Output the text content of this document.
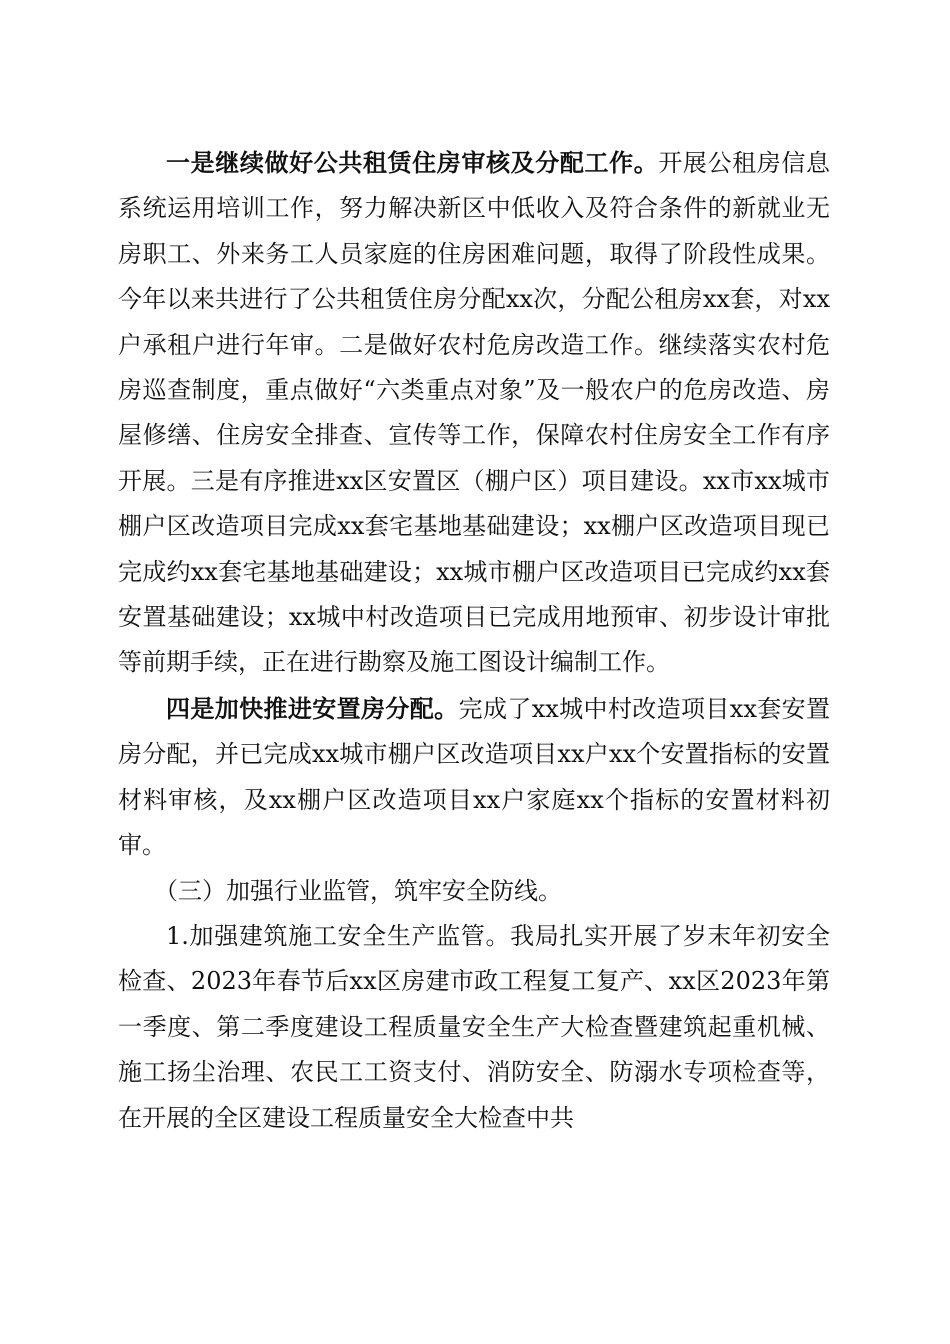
一是继续做好公共租赁住房审核及分配工作。开展公租房信息系统运用培训工作，努力解决新区中低收入及符合条件的新就业无房职工、外来务工人员家庭的住房困难问题，取得了阶段性成果。今年以来共进行了公共租赁住房分配xx次，分配公租房xx套，对xx户承租户进行年审。二是做好农村危房改造工作。继续落实农村危房巡查制度，重点做好“六类重点对象”及一般农户的危房改造、房屋修缮、住房安全排查、宣传等工作，保障农村住房安全工作有序开展。三是有序推进xx区安置区（棚户区）项目建设。xx市xx城市棚户区改造项目完成xx套宅基地基础建设；xx棚户区改造项目现已完成约xx套宅基地基础建设；xx城市棚户区改造项目已完成约xx套安置基础建设；xx城中村改造项目已完成用地预审、初步设计审批等前期手续，正在进行勘察及施工图设计编制工作。

四是加快推进安置房分配。完成了xx城中村改造项目xx套安置房分配，并已完成xx城市棚户区改造项目xx户xx个安置指标的安置材料审核，及xx棚户区改造项目xx户家庭xx个指标的安置材料初审。

（三）加强行业监管，筑牢安全防线。

1.加强建筑施工安全生产监管。我局扎实开展了岁末年初安全检查、2023年春节后xx区房建市政工程复工复产、xx区2023年第一季度、第二季度建设工程质量安全生产大检查暨建筑起重机械、施工扬尘治理、农民工工资支付、消防安全、防溺水专项检查等，在开展的全区建设工程质量安全大检查中共
